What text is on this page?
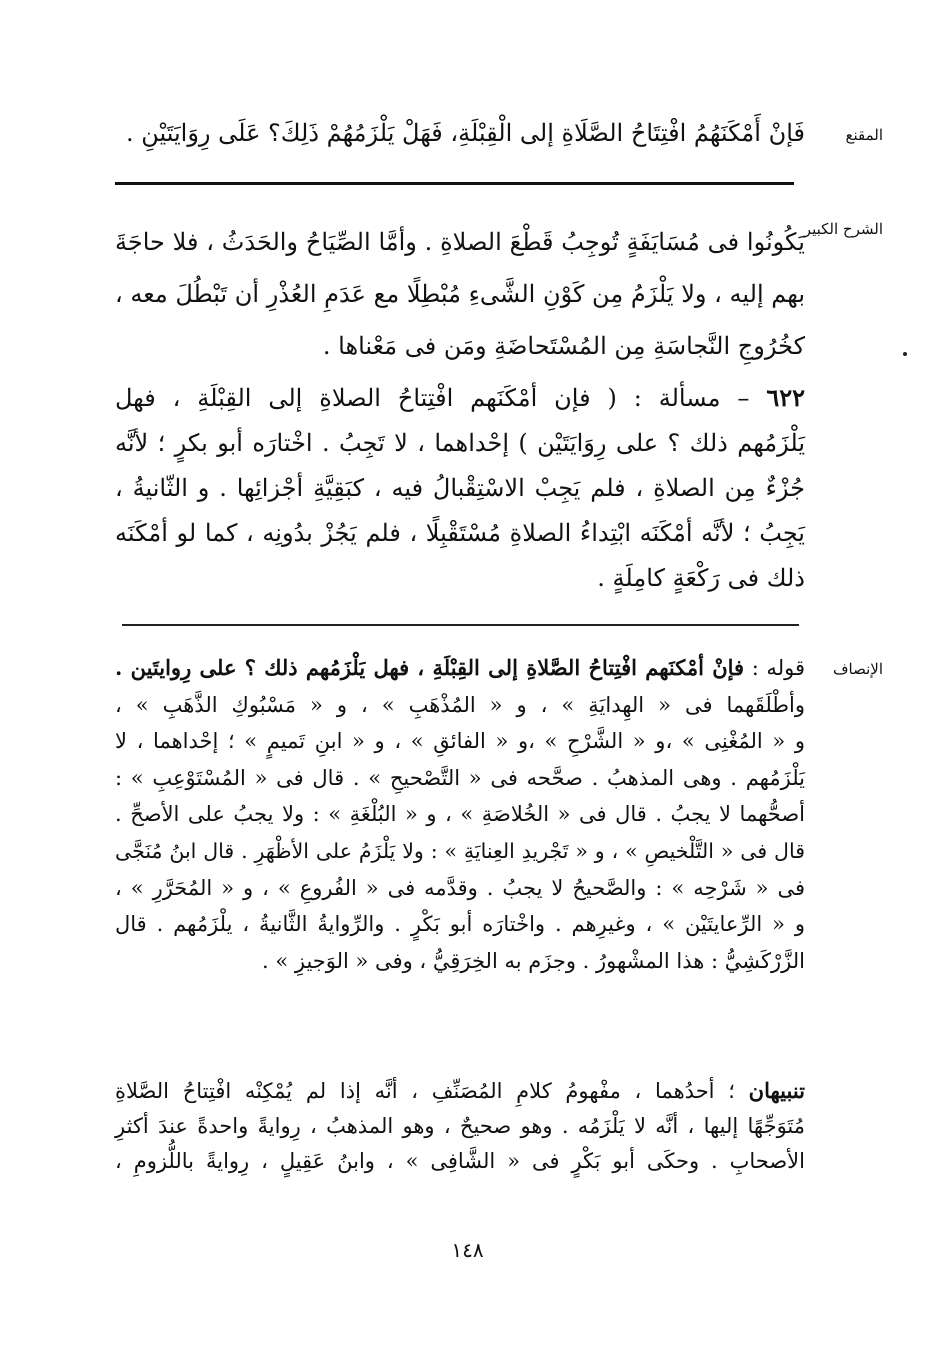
المقنع
فَإنْ أَمْكَنَهُمُ افْتِتَاحُ الصَّلَاةِ إلى الْقِبْلَةِ، فَهَلْ يَلْزَمُهُمْ ذَلِكَ؟ عَلَى رِوَايَتَيْنِ .
الشرح الكبير
يَكُونُوا فى مُسَايَفَةٍ تُوجِبُ قَطْعَ الصلاةِ . وأمَّا الصِّيَاحُ والحَدَثُ ، فلا حاجَةَ
بهم إليه ، ولا يَلْزَمُ مِن كَوْنِ الشَّىءِ مُبْطِلًا مع عَدَمِ العُذْرِ أن تَبْطُلَ معه ،
كخُرُوجِ النَّجاسَةِ مِن المُسْتَحاضَةِ ومَن فى مَعْناها .
٦٢٢ – مسألة : ( فإن أمْكَنَهم افْتِتاحُ الصلاةِ إلى القِبْلَةِ ، فهل
يَلْزَمُهم ذلك ؟ على رِوَايَتَيْن ) إحْداهما ، لا تَجِبُ . اخْتارَه أبو بكرٍ ؛ لأنَّه
جُزْءٌ مِن الصلاةِ ، فلم يَجِبْ الاسْتِقْبالُ فيه ، كبَقِيَّةِ أجْزائِها . و الثّانيةُ ،
يَجِبُ ؛ لأنَّه أمْكَنَه ابْتِداءُ الصلاةِ مُسْتَقْبِلًا ، فلم يَجُزْ بدُونِه ، كما لو أمْكَنَه
ذلك فى رَكْعَةٍ كامِلَةٍ .
الإنصاف
قوله : فإنْ أمْكنَهم افْتِتاحُ الصَّلاةِ إلى القِبْلَةِ ، فهل يَلْزَمُهم ذلك ؟ على رِوايتَين .
وأطْلَقَهما فى « الهِدايَةِ » ، و « المُذْهَبِ » ، و « مَسْبُوكِ الذَّهَبِ » ،
و « المُغْنِى » ،و « الشَّرْحِ » ،و « الفائقِ » ، و « ابنِ تَميمٍ » ؛ إحْداهما ، لا
يَلْزَمُهم . وهى المذهبُ . صحَّحه فى « التَّصْحيحِ » . قال فى « المُسْتَوْعِبِ » :
أصحُّهما لا يجبُ . قال فى « الخُلاصَةِ » ، و « البُلْغَةِ » : ولا يجبُ على الأصحِّ .
قال فى « التَّلْخيصِ » ، و « تَجْريدِ العِنايَةِ » : ولا يَلْزَمُ على الأظْهَرِ . قال ابنُ مُنَجَّى
فى « شَرْحِه » : والصَّحيحُ لا يجبُ . وقدَّمه فى « الفُروعِ » ، و « المُحَرَّرِ » ،
و « الرِّعايتَيْن » ، وغيرِهم . واخْتارَه أبو بَكْرٍ . والرِّوايةُ الثَّانيةُ ، يلْزَمُهم . قال
الزَّرْكَشِيُّ : هذا المشْهورُ . وجزَم به الخِرَقِيُّ ، وفى « الوَجيزِ » .
تنبيهان ؛ أحدُهما ، مفْهومُ كلامِ المُصَنِّفِ ، أنَّه إذا لم يُمْكِنْه افْتِتاحُ الصَّلاةِ
مُتَوَجِّهًا إليها ، أنَّه لا يَلْزَمُه . وهو صحيحٌ ، وهو المذهبُ ، رِوايةً واحدةً عندَ أكثرِ
الأصحابِ . وحكَى أبو بَكْرٍ فى « الشَّافِى » ، وابنُ عَقِيلٍ ، رِوايةً باللُّزومِ ،
١٤٨
